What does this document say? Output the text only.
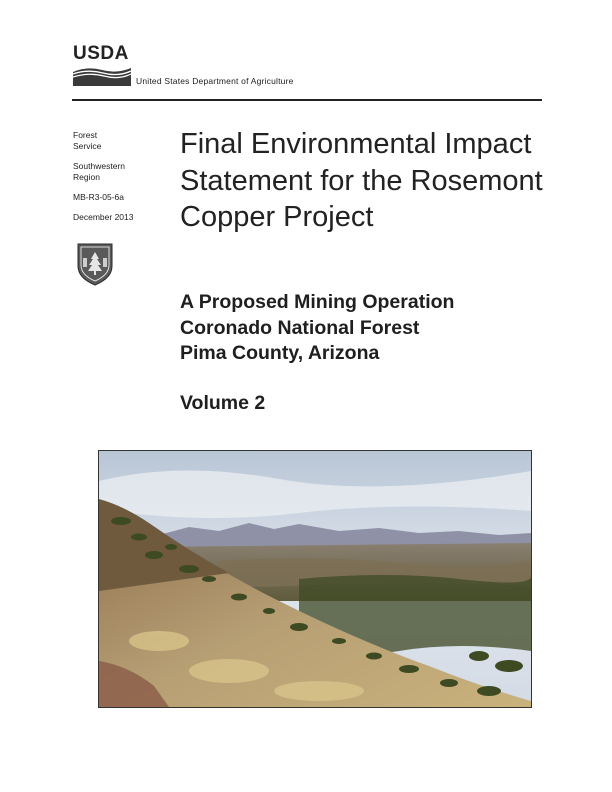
USDA
United States Department of Agriculture
Forest
Service
Southwestern
Region
MB-R3-05-6a
December 2013
Final Environmental Impact Statement for the Rosemont Copper Project
A Proposed Mining Operation
Coronado National Forest
Pima County, Arizona
Volume 2
